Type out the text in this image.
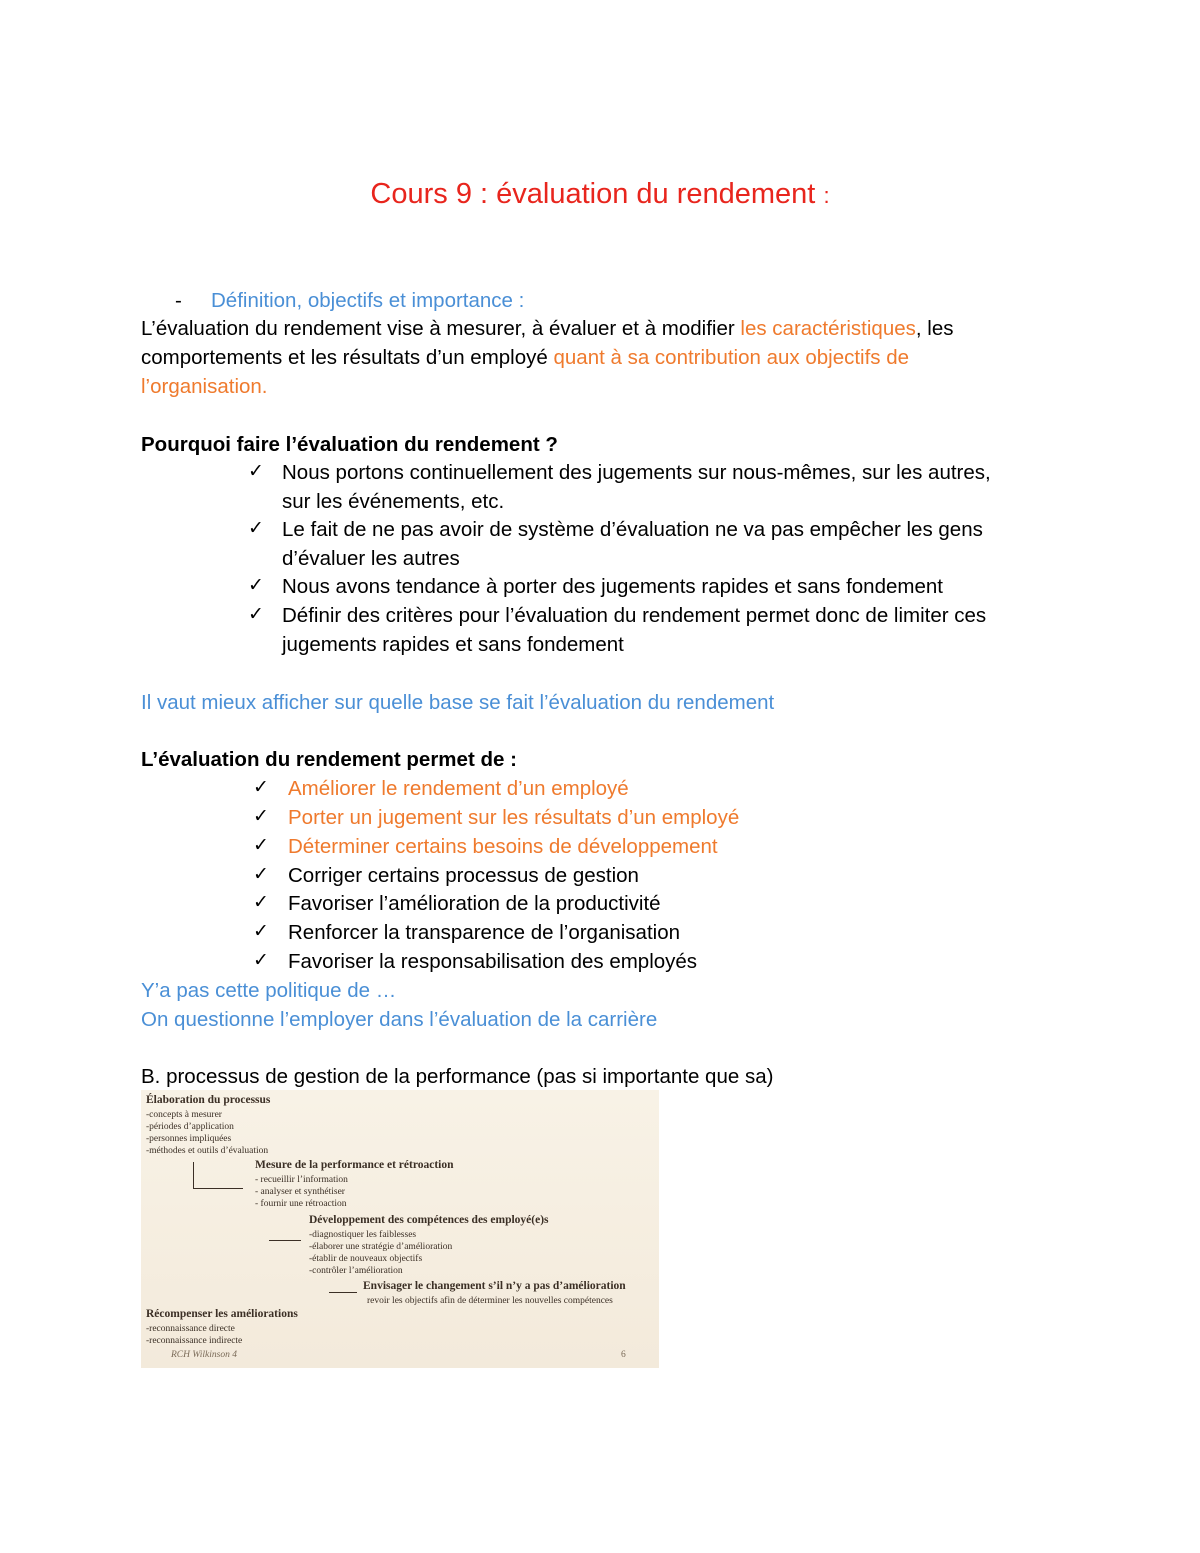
Cours 9 : évaluation du rendement :
- Définition, objectifs et importance :
L’évaluation du rendement vise à mesurer, à évaluer et à modifier les caractéristiques, les
comportements et les résultats d’un employé quant à sa contribution aux objectifs de
l’organisation.
Pourquoi faire l’évaluation du rendement ?
✓ Nous portons continuellement des jugements sur nous-mêmes, sur les autres,
sur les événements, etc.
✓ Le fait de ne pas avoir de système d’évaluation ne va pas empêcher les gens
d’évaluer les autres
✓ Nous avons tendance à porter des jugements rapides et sans fondement
✓ Définir des critères pour l’évaluation du rendement permet donc de limiter ces
jugements rapides et sans fondement
Il vaut mieux afficher sur quelle base se fait l’évaluation du rendement
L’évaluation du rendement permet de :
✓ Améliorer le rendement d’un employé
✓ Porter un jugement sur les résultats d’un employé
✓ Déterminer certains besoins de développement
✓ Corriger certains processus de gestion
✓ Favoriser l’amélioration de la productivité
✓ Renforcer la transparence de l’organisation
✓ Favoriser la responsabilisation des employés
Y’a pas cette politique de …
On questionne l’employer dans l’évaluation de la carrière
B. processus de gestion de la performance (pas si importante que sa)
Élaboration du processus
-concepts à mesurer
-périodes d’application
-personnes impliquées
-méthodes et outils d’évaluation
Mesure de la performance et rétroaction
- recueillir l’information
- analyser et synthétiser
- fournir une rétroaction
Développement des compétences des employé(e)s
-diagnostiquer les faiblesses
-élaborer une stratégie d’amélioration
-établir de nouveaux objectifs
-contrôler l’amélioration
Envisager le changement s’il n’y a pas d’amélioration
revoir les objectifs afin de déterminer les nouvelles compétences
Récompenser les améliorations
-reconnaissance directe
-reconnaissance indirecte
RCH Wilkinson 4	6
